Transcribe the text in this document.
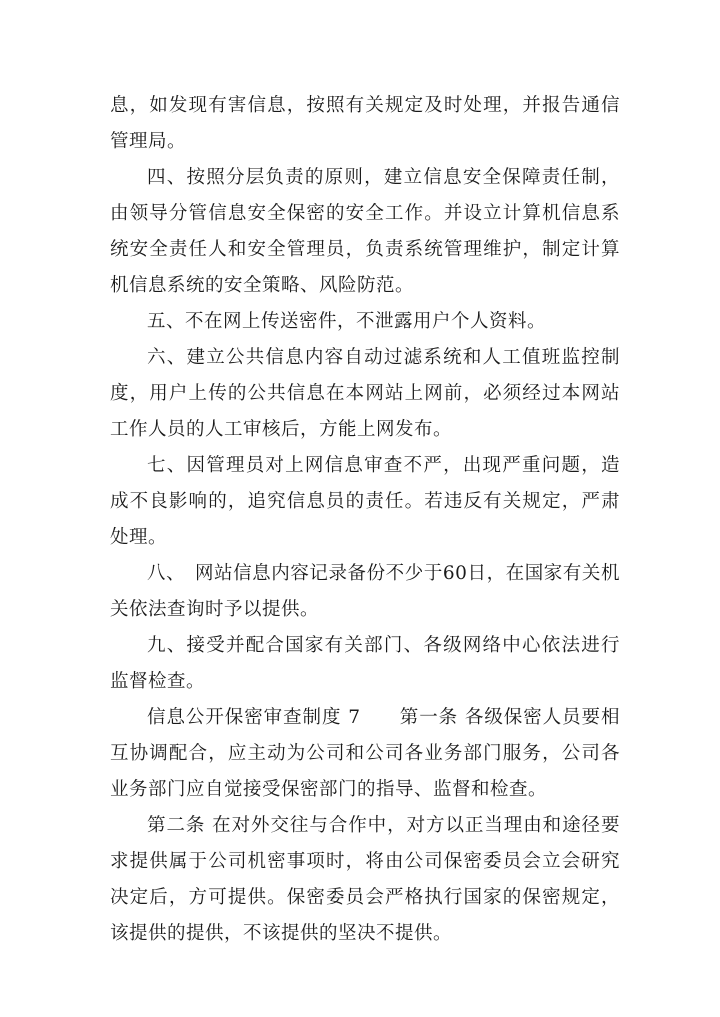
息，如发现有害信息，按照有关规定及时处理，并报告通信管理局。

四、按照分层负责的原则，建立信息安全保障责任制，由领导分管信息安全保密的安全工作。并设立计算机信息系统安全责任人和安全管理员，负责系统管理维护，制定计算机信息系统的安全策略、风险防范。

五、不在网上传送密件，不泄露用户个人资料。

六、建立公共信息内容自动过滤系统和人工值班监控制度，用户上传的公共信息在本网站上网前，必须经过本网站工作人员的人工审核后，方能上网发布。

七、因管理员对上网信息审查不严，出现严重问题，造成不良影响的，追究信息员的责任。若违反有关规定，严肃处理。

八、　网站信息内容记录备份不少于60日，在国家有关机关依法查询时予以提供。

九、接受并配合国家有关部门、各级网络中心依法进行监督检查。

信息公开保密审查制度 7　　第一条 各级保密人员要相互协调配合，应主动为公司和公司各业务部门服务，公司各业务部门应自觉接受保密部门的指导、监督和检查。

第二条 在对外交往与合作中，对方以正当理由和途径要求提供属于公司机密事项时，将由公司保密委员会立会研究决定后，方可提供。保密委员会严格执行国家的保密规定，该提供的提供，不该提供的坚决不提供。
